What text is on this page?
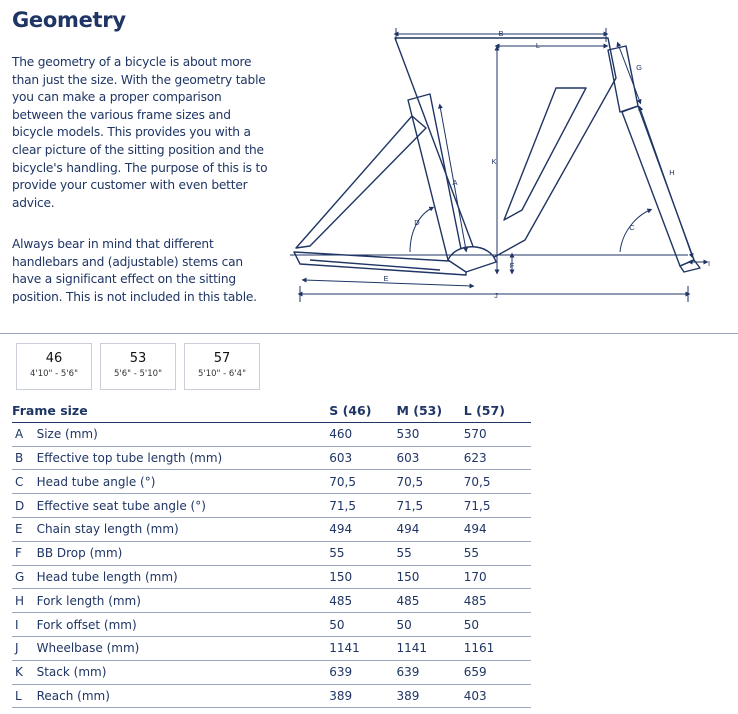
Geometry

The geometry of a bicycle is about more than just the size. With the geometry table you can make a proper comparison between the various frame sizes and bicycle models. This provides you with a clear picture of the sitting position and the bicycle's handling. The purpose of this is to provide your customer with even better advice.

Always bear in mind that different handlebars and (adjustable) stems can have a significant effect on the sitting position. This is not included in this table.

B
L
K
A
D
G
H
C
F
E
J
I
46
4'10" - 5'6"
53
5'6" - 5'10"
57
5'10" - 6'4"
Frame size		S (46)	M (53)	L (57)
A	Size (mm)	460	530	570
B	Effective top tube length (mm)	603	603	623
C	Head tube angle (°)	70,5	70,5	70,5
D	Effective seat tube angle (°)	71,5	71,5	71,5
E	Chain stay length (mm)	494	494	494
F	BB Drop (mm)	55	55	55
G	Head tube length (mm)	150	150	170
H	Fork length (mm)	485	485	485
I	Fork offset (mm)	50	50	50
J	Wheelbase (mm)	1141	1141	1161
K	Stack (mm)	639	639	659
L	Reach (mm)	389	389	403
